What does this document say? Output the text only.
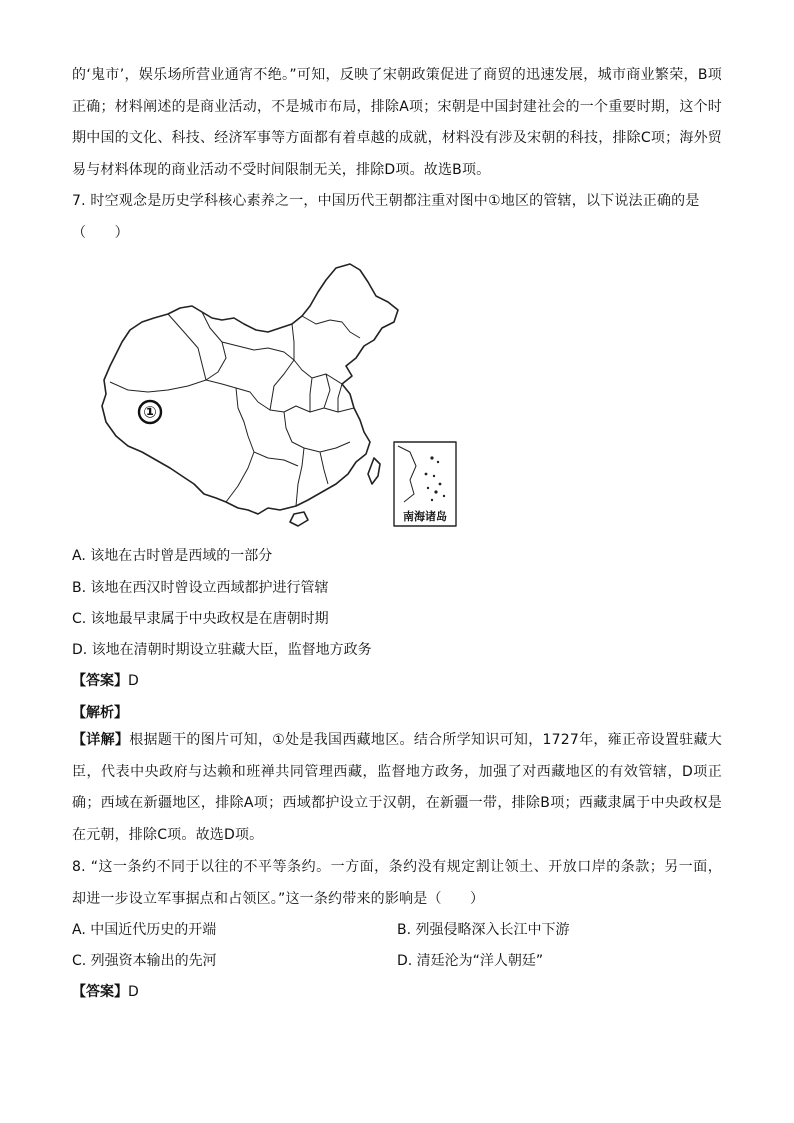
的‘鬼市’，娱乐场所营业通宵不绝。”可知，反映了宋朝政策促进了商贸的迅速发展，城市商业繁荣，B项正确；材料阐述的是商业活动，不是城市布局，排除A项；宋朝是中国封建社会的一个重要时期，这个时期中国的文化、科技、经济军事等方面都有着卓越的成就，材料没有涉及宋朝的科技，排除C项；海外贸易与材料体现的商业活动不受时间限制无关，排除D项。故选B项。

7. 时空观念是历史学科核心素养之一，中国历代王朝都注重对图中①地区的管辖，以下说法正确的是
（　　）

①
南海诸岛
A. 该地在古时曾是西域的一部分
B. 该地在西汉时曾设立西域都护进行管辖
C. 该地最早隶属于中央政权是在唐朝时期
D. 该地在清朝时期设立驻藏大臣，监督地方政务
【答案】D
【解析】

【详解】根据题干的图片可知，①处是我国西藏地区。结合所学知识可知，1727年，雍正帝设置驻藏大臣，代表中央政府与达赖和班禅共同管理西藏，监督地方政务，加强了对西藏地区的有效管辖，D项正确；西域在新疆地区，排除A项；西域都护设立于汉朝，在新疆一带，排除B项；西藏隶属于中央政权是在元朝，排除C项。故选D项。

8. “这一条约不同于以往的不平等条约。一方面，条约没有规定割让领土、开放口岸的条款；另一面，却进一步设立军事据点和占领区。”这一条约带来的影响是（　　）

A. 中国近代历史的开端	B. 列强侵略深入长江中下游
C. 列强资本输出的先河	D. 清廷沦为“洋人朝廷”
【答案】D
